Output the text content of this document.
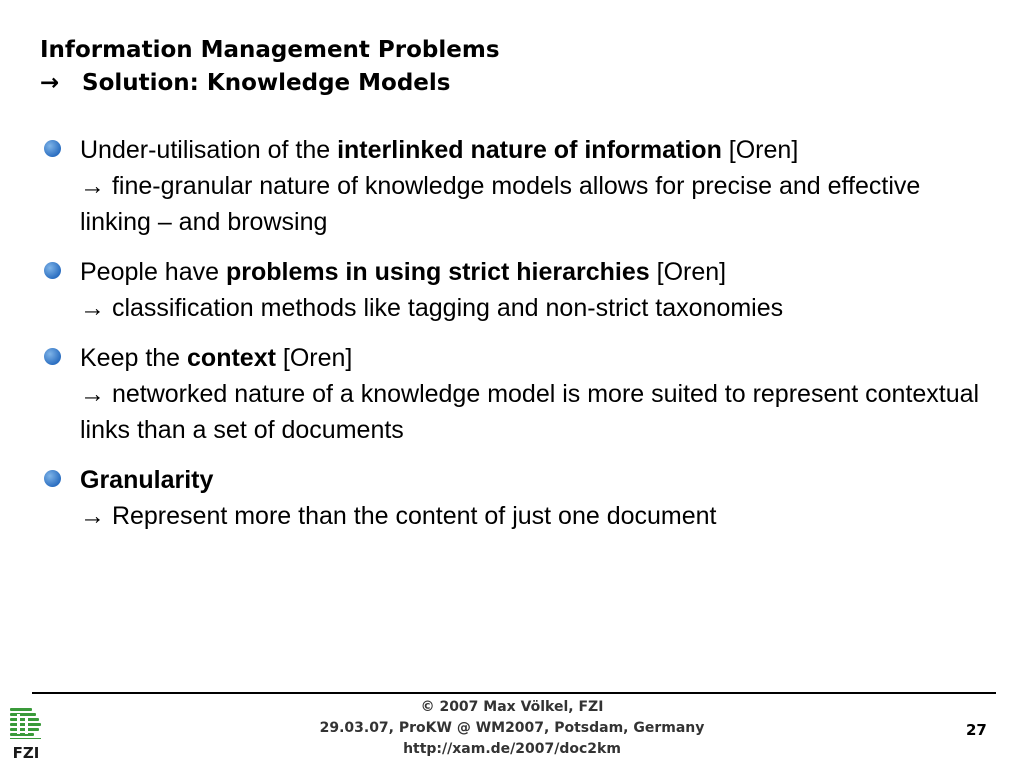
Information Management Problems
→ Solution: Knowledge Models
Under-utilisation of the interlinked nature of information [Oren]
→ fine-granular nature of knowledge models allows for precise and effective linking – and browsing
People have problems in using strict hierarchies [Oren]
→ classification methods like tagging and non-strict taxonomies
Keep the context [Oren]
→ networked nature of a knowledge model is more suited to represent contextual links than a set of documents
Granularity
→ Represent more than the content of just one document
© 2007 Max Völkel, FZI
29.03.07, ProKW @ WM2007, Potsdam, Germany
http://xam.de/2007/doc2km
27
FZI
